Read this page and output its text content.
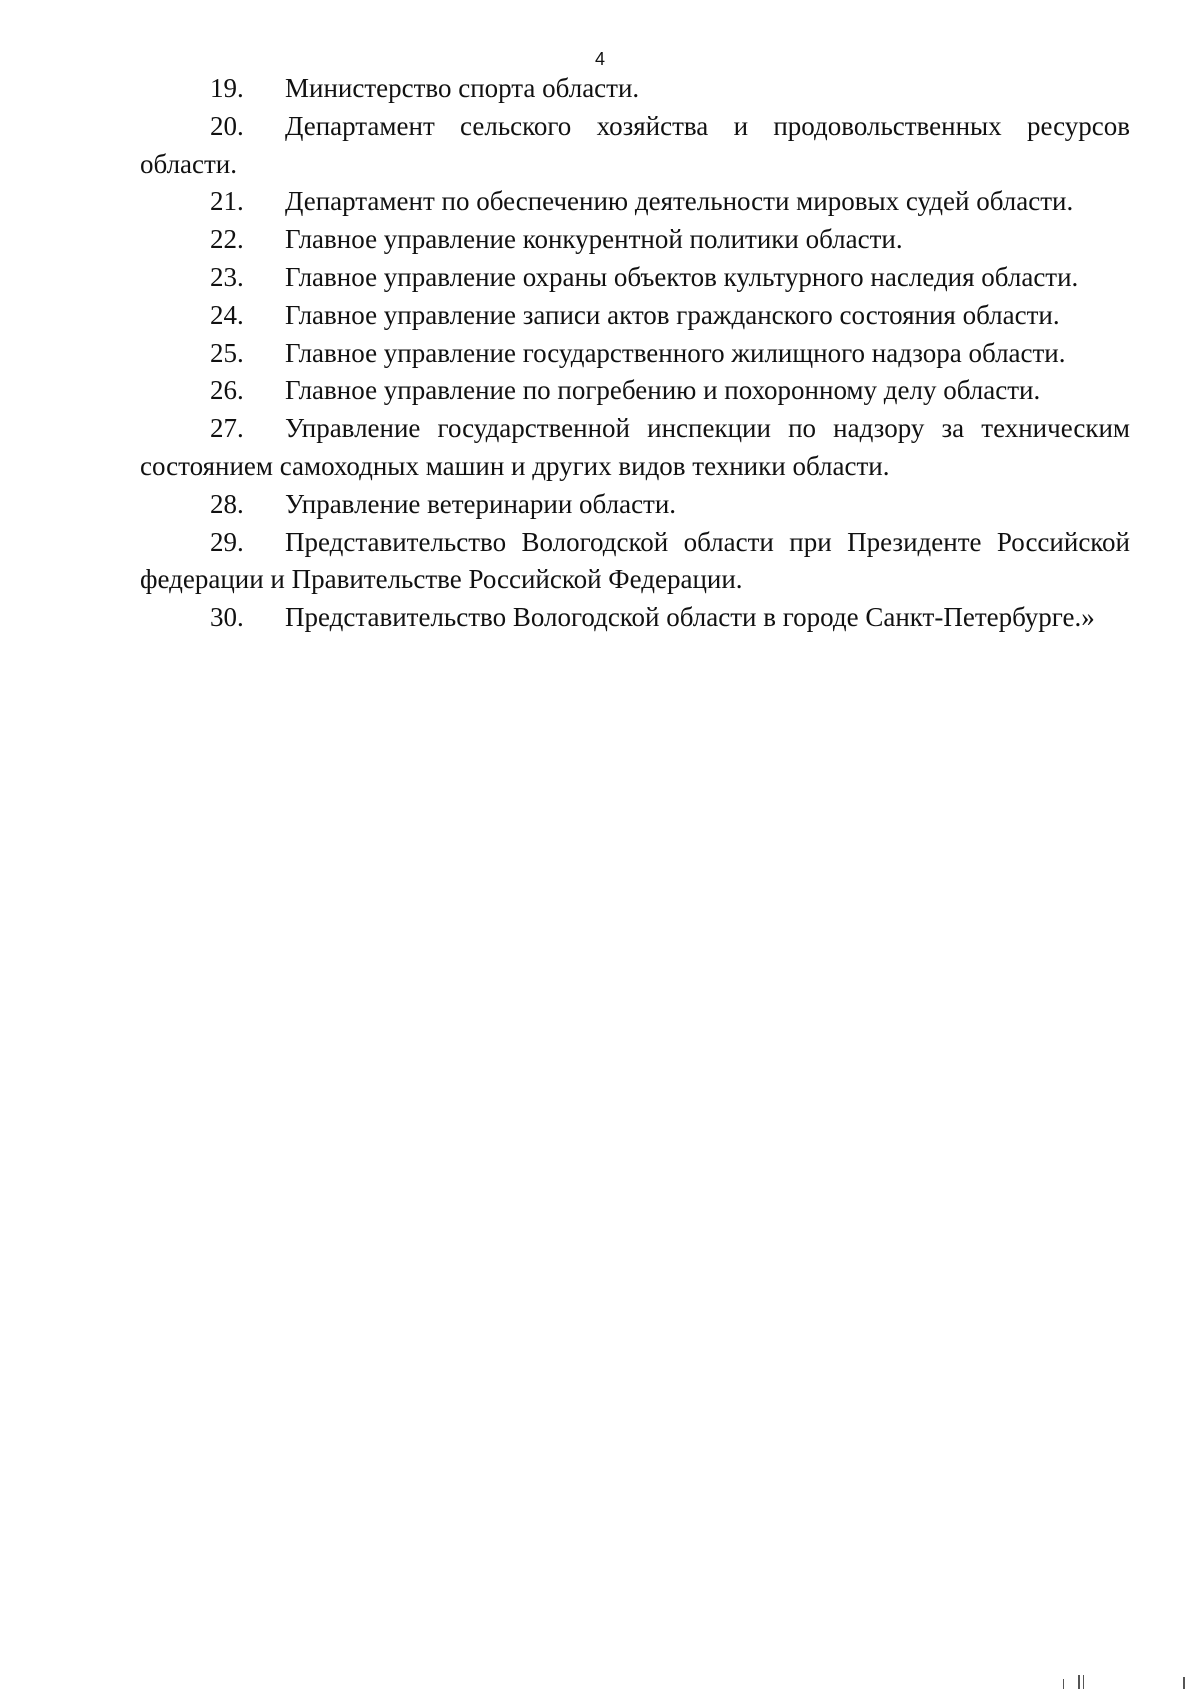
4

19. Министерство спорта области.

20. Департамент сельского хозяйства и продовольственных ресурсов области.

21. Департамент по обеспечению деятельности мировых судей области.

22. Главное управление конкурентной политики области.

23. Главное управление охраны объектов культурного наследия области.

24. Главное управление записи актов гражданского состояния области.

25. Главное управление государственного жилищного надзора области.

26. Главное управление по погребению и похоронному делу области.

27. Управление государственной инспекции по надзору за техническим состоянием самоходных машин и других видов техники области.

28. Управление ветеринарии области.

29. Представительство Вологодской области при Президенте Российской федерации и Правительстве Российской Федерации.

30. Представительство Вологодской области в городе Санкт-Петербурге.»
